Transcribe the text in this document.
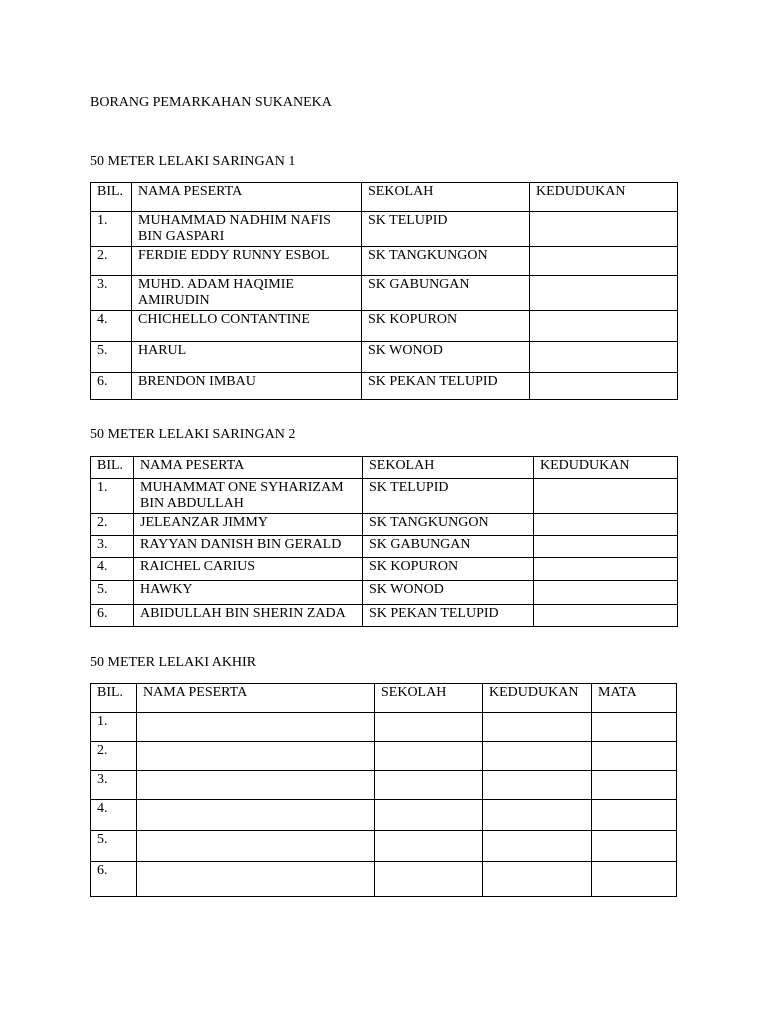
BORANG PEMARKAHAN SUKANEKA
50 METER LELAKI SARINGAN 1
BIL.	NAMA PESERTA	SEKOLAH	KEDUDUKAN
1.	MUHAMMAD NADHIM NAFIS BIN GASPARI	SK TELUPID	
2.	FERDIE EDDY RUNNY ESBOL	SK TANGKUNGON	
3.	MUHD. ADAM HAQIMIE AMIRUDIN	SK GABUNGAN	
4.	CHICHELLO CONTANTINE	SK KOPURON	
5.	HARUL	SK WONOD	
6.	BRENDON IMBAU	SK PEKAN TELUPID	
50 METER LELAKI SARINGAN 2
BIL.	NAMA PESERTA	SEKOLAH	KEDUDUKAN
1.	MUHAMMAT ONE SYHARIZAM BIN ABDULLAH	SK TELUPID	
2.	JELEANZAR JIMMY	SK TANGKUNGON	
3.	RAYYAN DANISH BIN GERALD	SK GABUNGAN	
4.	RAICHEL CARIUS	SK KOPURON	
5.	HAWKY	SK WONOD	
6.	ABIDULLAH BIN SHERIN ZADA	SK PEKAN TELUPID	
50 METER LELAKI AKHIR
BIL.	NAMA PESERTA	SEKOLAH	KEDUDUKAN	MATA
1.				
2.				
3.				
4.				
5.				
6.				
